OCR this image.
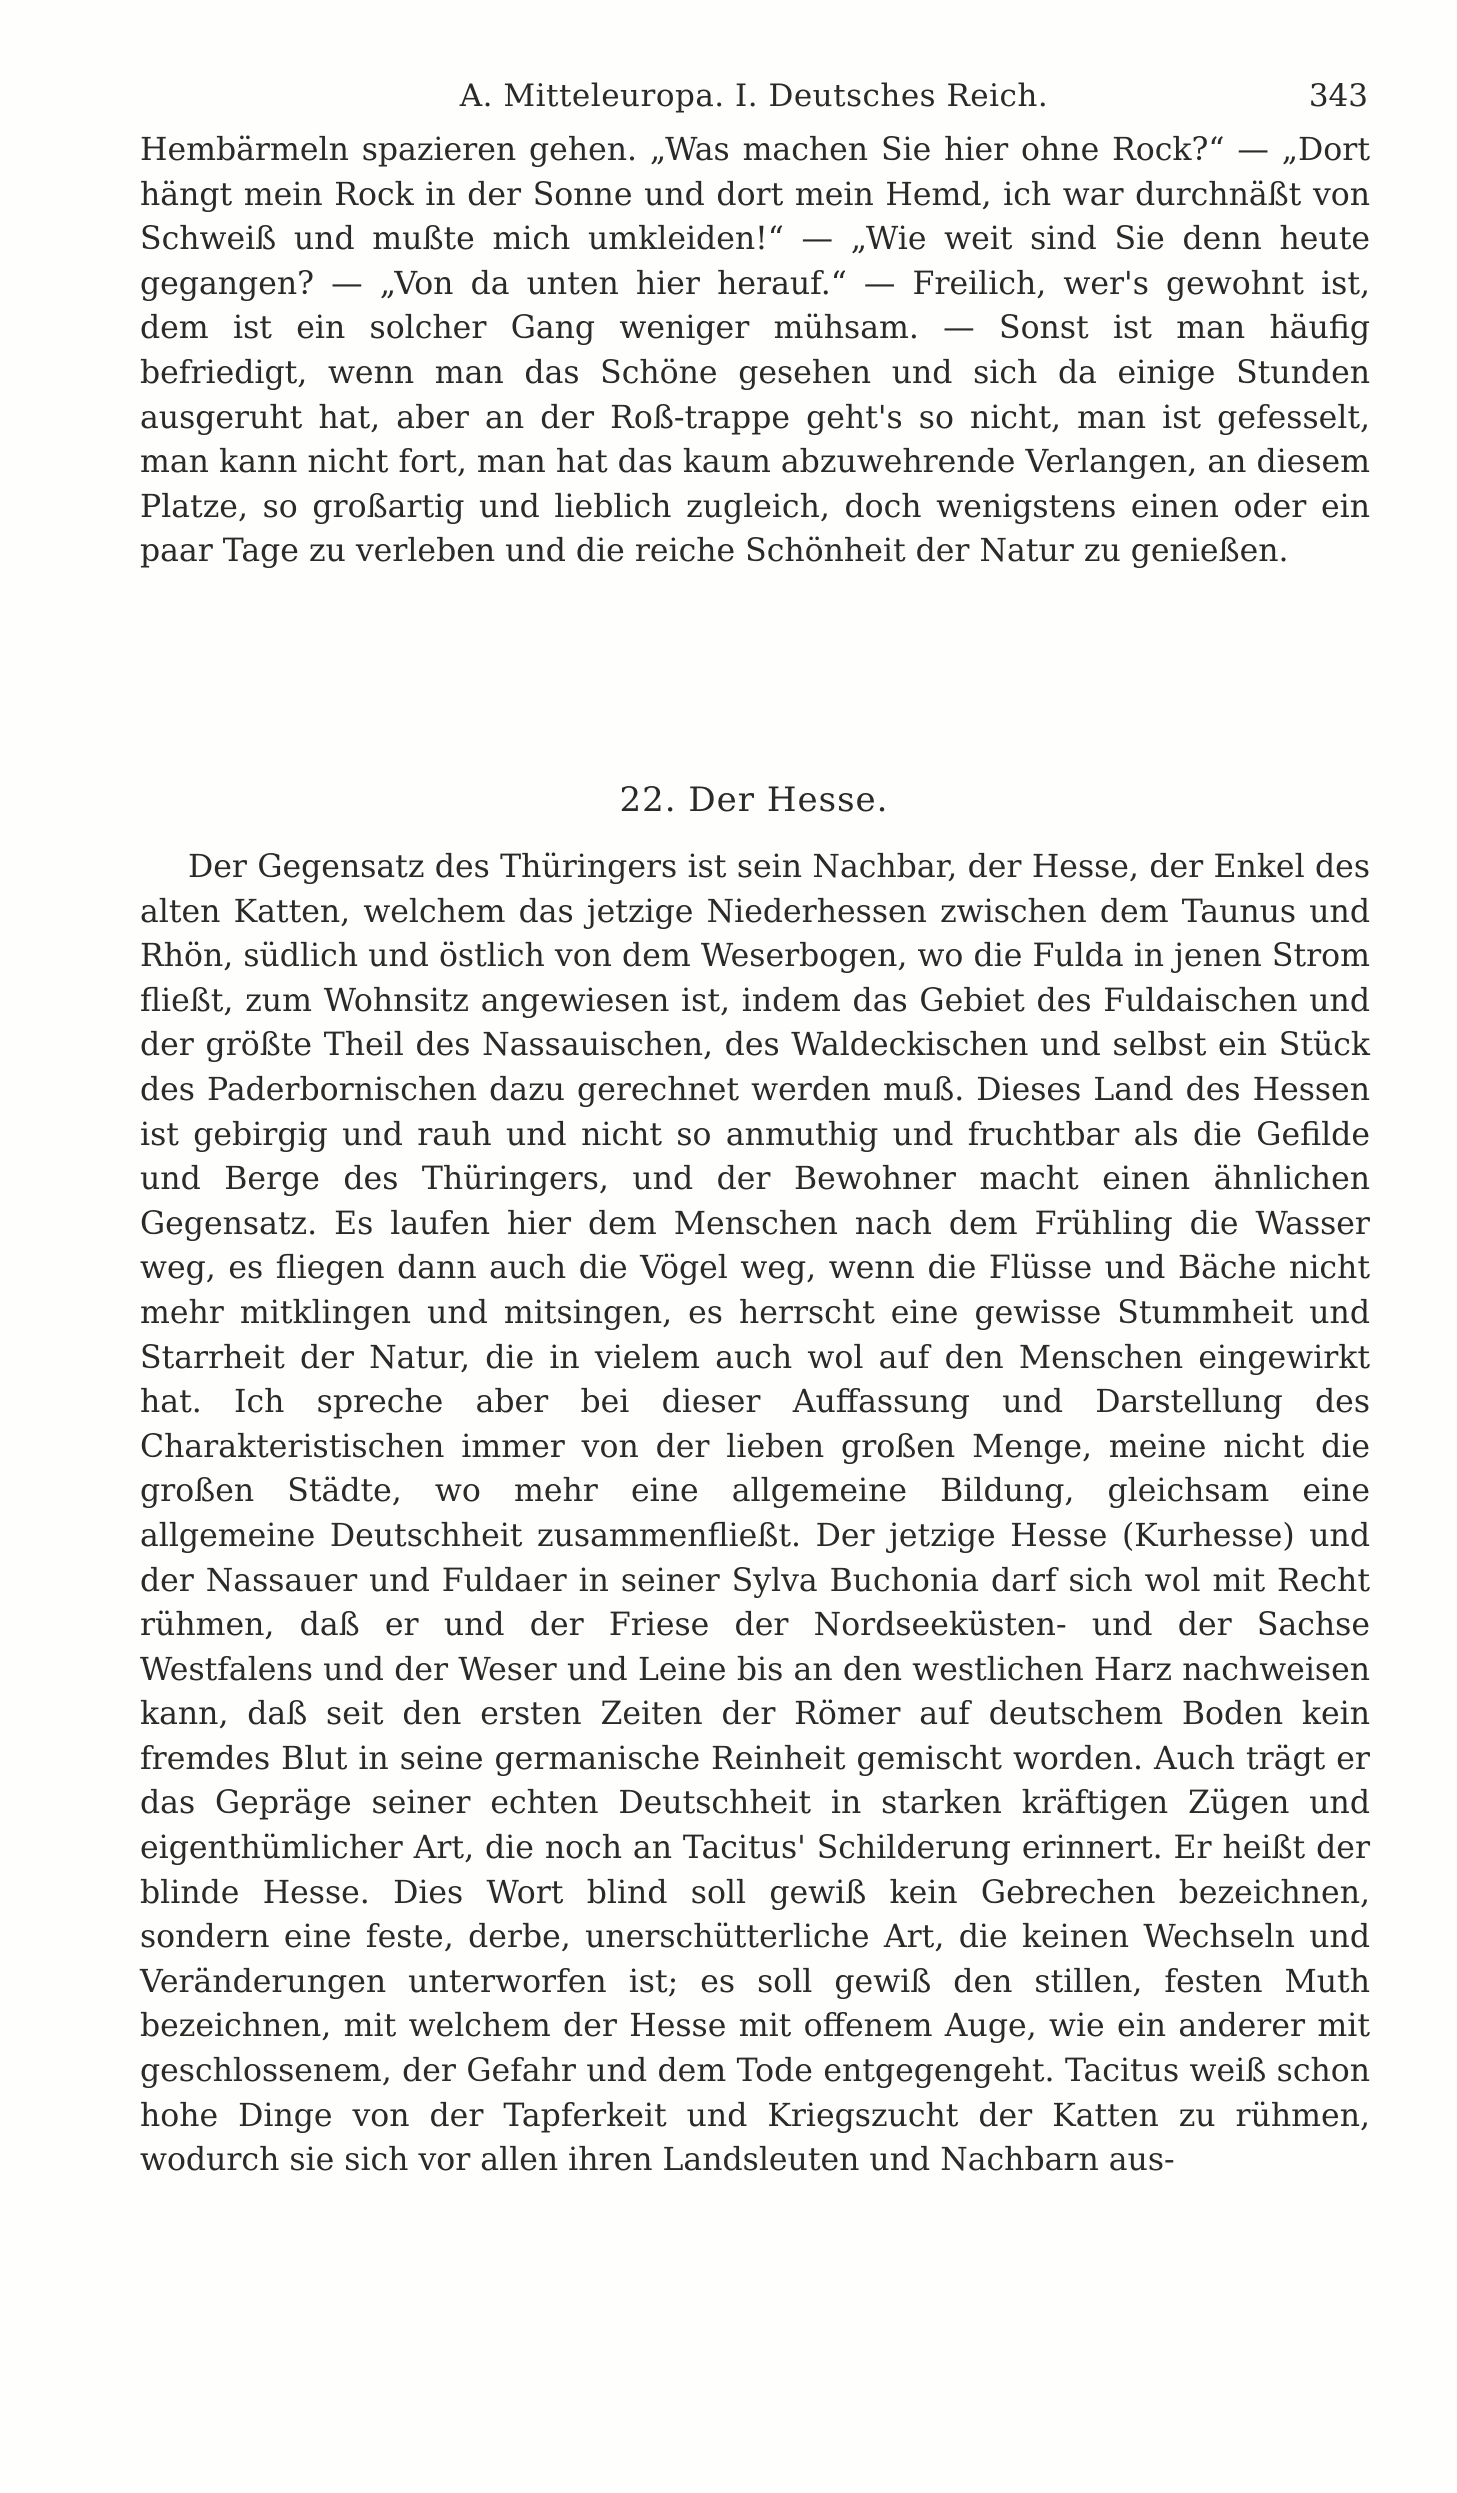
A. Mitteleuropa. I. Deutsches Reich.	343

Hembärmeln spazieren gehen. „Was machen Sie hier ohne Rock?“ — „Dort hängt mein Rock in der Sonne und dort mein Hemd, ich war durchnäßt von Schweiß und mußte mich umkleiden!“ — „Wie weit sind Sie denn heute gegangen? — „Von da unten hier herauf.“ — Freilich, wer's gewohnt ist, dem ist ein solcher Gang weniger mühsam. — Sonst ist man häufig befriedigt, wenn man das Schöne gesehen und sich da einige Stunden ausgeruht hat, aber an der Roß-trappe geht's so nicht, man ist gefesselt, man kann nicht fort, man hat das kaum abzuwehrende Verlangen, an diesem Platze, so großartig und lieblich zugleich, doch wenigstens einen oder ein paar Tage zu verleben und die reiche Schönheit der Natur zu genießen.

22. Der Hesse.

Der Gegensatz des Thüringers ist sein Nachbar, der Hesse, der Enkel des alten Katten, welchem das jetzige Niederhessen zwischen dem Taunus und Rhön, südlich und östlich von dem Weserbogen, wo die Fulda in jenen Strom fließt, zum Wohnsitz angewiesen ist, indem das Gebiet des Fuldaischen und der größte Theil des Nassauischen, des Waldeckischen und selbst ein Stück des Paderbornischen dazu gerechnet werden muß. Dieses Land des Hessen ist gebirgig und rauh und nicht so anmuthig und fruchtbar als die Gefilde und Berge des Thüringers, und der Bewohner macht einen ähnlichen Gegensatz. Es laufen hier dem Menschen nach dem Frühling die Wasser weg, es fliegen dann auch die Vögel weg, wenn die Flüsse und Bäche nicht mehr mitklingen und mitsingen, es herrscht eine gewisse Stummheit und Starrheit der Natur, die in vielem auch wol auf den Menschen eingewirkt hat. Ich spreche aber bei dieser Auffassung und Darstellung des Charakteristischen immer von der lieben großen Menge, meine nicht die großen Städte, wo mehr eine allgemeine Bildung, gleichsam eine allgemeine Deutschheit zusammenfließt. Der jetzige Hesse (Kurhesse) und der Nassauer und Fuldaer in seiner Sylva Buchonia darf sich wol mit Recht rühmen, daß er und der Friese der Nordseeküsten- und der Sachse Westfalens und der Weser und Leine bis an den westlichen Harz nachweisen kann, daß seit den ersten Zeiten der Römer auf deutschem Boden kein fremdes Blut in seine germanische Reinheit gemischt worden. Auch trägt er das Gepräge seiner echten Deutschheit in starken kräftigen Zügen und eigenthümlicher Art, die noch an Tacitus' Schilderung erinnert. Er heißt der blinde Hesse. Dies Wort blind soll gewiß kein Gebrechen bezeichnen, sondern eine feste, derbe, unerschütterliche Art, die keinen Wechseln und Veränderungen unterworfen ist; es soll gewiß den stillen, festen Muth bezeichnen, mit welchem der Hesse mit offenem Auge, wie ein anderer mit geschlossenem, der Gefahr und dem Tode entgegengeht. Tacitus weiß schon hohe Dinge von der Tapferkeit und Kriegszucht der Katten zu rühmen, wodurch sie sich vor allen ihren Landsleuten und Nachbarn aus-
